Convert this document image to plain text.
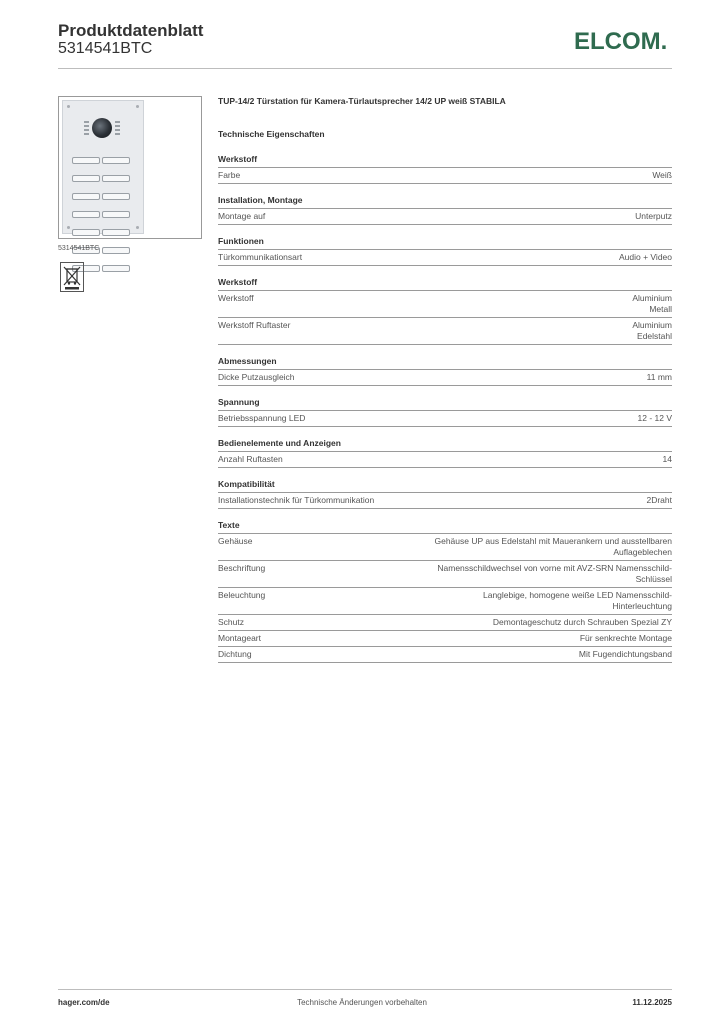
Produktdatenblatt
5314541BTC	ELCOM.
5314541BTC
TUP-14/2 Türstation für Kamera-Türlautsprecher 14/2 UP weiß STABILA
Technische Eigenschaften
Werkstoff
Farbe	Weiß
Installation, Montage
Montage auf	Unterputz
Funktionen
Türkommunikationsart	Audio + Video
Werkstoff
Werkstoff	Aluminium
Metall
Werkstoff Ruftaster	Aluminium
Edelstahl
Abmessungen
Dicke Putzausgleich	11 mm
Spannung
Betriebsspannung LED	12 - 12 V
Bedienelemente und Anzeigen
Anzahl Ruftasten	14
Kompatibilität
Installationstechnik für Türkommunikation	2Draht
Texte
Gehäuse	Gehäuse UP aus Edelstahl mit Mauerankern und ausstellbaren
Auflageblechen
Beschriftung	Namensschildwechsel von vorne mit AVZ-SRN Namensschild-
Schlüssel
Beleuchtung	Langlebige, homogene weiße LED Namensschild-
Hinterleuchtung
Schutz	Demontageschutz durch Schrauben Spezial ZY
Montageart	Für senkrechte Montage
Dichtung	Mit Fugendichtungsband
hager.com/de	Technische Änderungen vorbehalten	11.12.2025
